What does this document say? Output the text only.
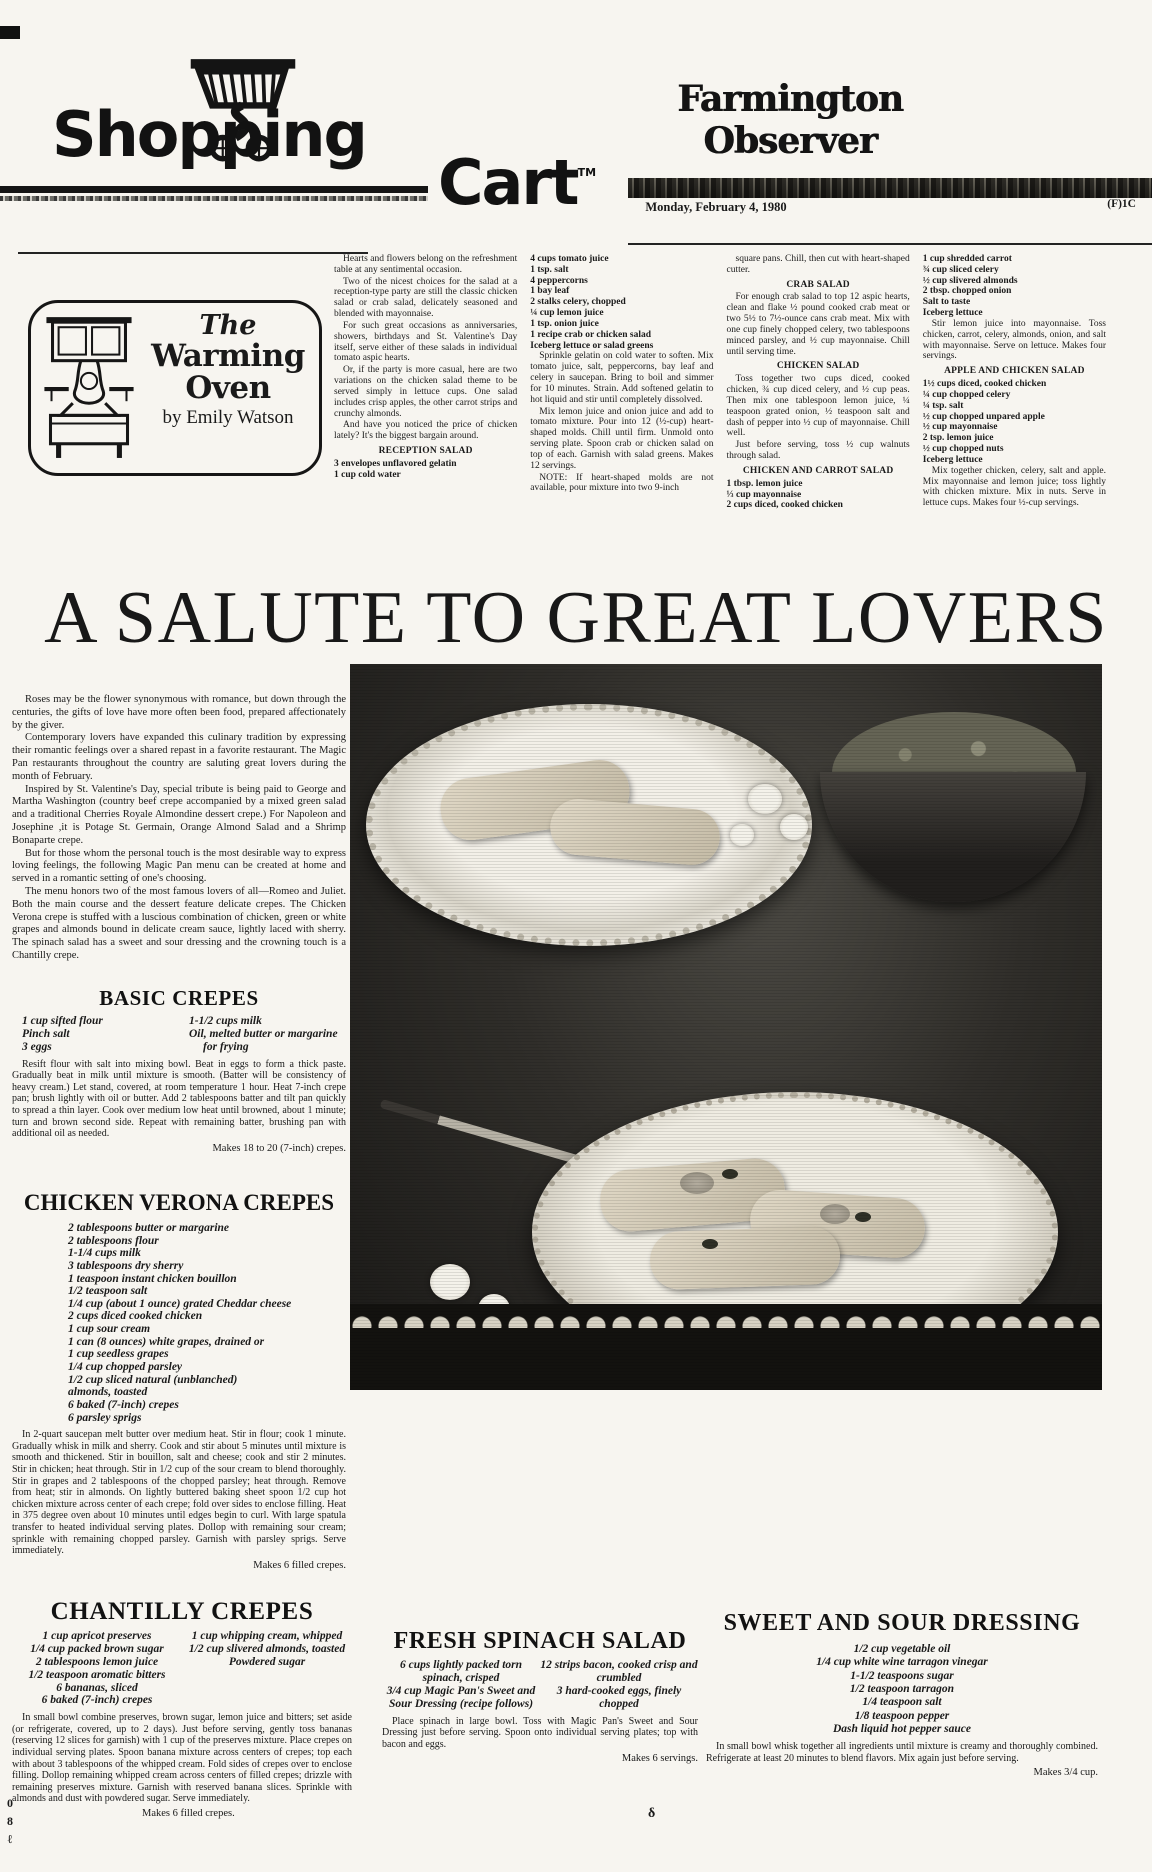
Shopping
Cart™
Farmington Observer
Monday, February 4, 1980	(F)1C
The
Warming
Oven
by Emily Watson
Hearts and flowers belong on the refreshment table at any sentimental occasion.
Two of the nicest choices for the salad at a reception-type party are still the classic chicken salad or crab salad, delicately seasoned and blended with mayonnaise.
For such great occasions as anniversaries, showers, birthdays and St. Valentine's Day itself, serve either of these salads in individual tomato aspic hearts.
Or, if the party is more casual, here are two variations on the chicken salad theme to be served simply in lettuce cups. One salad includes crisp apples, the other carrot strips and crunchy almonds.
And have you noticed the price of chicken lately? It's the biggest bargain around.
RECEPTION SALAD
3 envelopes unflavored gelatin
1 cup cold water
4 cups tomato juice
1 tsp. salt
4 peppercorns
1 bay leaf
2 stalks celery, chopped
¼ cup lemon juice
1 tsp. onion juice
1 recipe crab or chicken salad
Iceberg lettuce or salad greens
Sprinkle gelatin on cold water to soften. Mix tomato juice, salt, peppercorns, bay leaf and celery in saucepan. Bring to boil and simmer for 10 minutes. Strain. Add softened gelatin to hot liquid and stir until completely dissolved.
Mix lemon juice and onion juice and add to tomato mixture. Pour into 12 (½-cup) heart-shaped molds. Chill until firm. Unmold onto serving plate. Spoon crab or chicken salad on top of each. Garnish with salad greens. Makes 12 servings.
NOTE: If heart-shaped molds are not available, pour mixture into two 9-inch
square pans. Chill, then cut with heart-shaped cutter.
CRAB SALAD
For enough crab salad to top 12 aspic hearts, clean and flake ½ pound cooked crab meat or two 5½ to 7½-ounce cans crab meat. Mix with one cup finely chopped celery, two tablespoons minced parsley, and ½ cup mayonnaise. Chill until serving time.
CHICKEN SALAD
Toss together two cups diced, cooked chicken, ¾ cup diced celery, and ½ cup peas. Then mix one tablespoon lemon juice, ¼ teaspoon grated onion, ½ teaspoon salt and dash of pepper into ½ cup of mayonnaise. Chill well.
Just before serving, toss ½ cup walnuts through salad.
CHICKEN AND CARROT SALAD
1 tbsp. lemon juice
⅓ cup mayonnaise
2 cups diced, cooked chicken
1 cup shredded carrot
¾ cup sliced celery
½ cup slivered almonds
2 tbsp. chopped onion
Salt to taste
Iceberg lettuce
Stir lemon juice into mayonnaise. Toss chicken, carrot, celery, almonds, onion, and salt with mayonnaise. Serve on lettuce. Makes four servings.
APPLE AND CHICKEN SALAD
1½ cups diced, cooked chicken
¼ cup chopped celery
¼ tsp. salt
½ cup chopped unpared apple
½ cup mayonnaise
2 tsp. lemon juice
½ cup chopped nuts
Iceberg lettuce
Mix together chicken, celery, salt and apple. Mix mayonnaise and lemon juice; toss lightly with chicken mixture. Mix in nuts. Serve in lettuce cups. Makes four ½-cup servings.
A SALUTE TO GREAT LOVERS
Roses may be the flower synonymous with romance, but down through the centuries, the gifts of love have more often been food, prepared affectionately by the giver.
Contemporary lovers have expanded this culinary tradition by expressing their romantic feelings over a shared repast in a favorite restaurant. The Magic Pan restaurants throughout the country are saluting great lovers during the month of February.
Inspired by St. Valentine's Day, special tribute is being paid to George and Martha Washington (country beef crepe accompanied by a mixed green salad and a traditional Cherries Royale Almondine dessert crepe.) For Napoleon and Josephine ,it is Potage St. Germain, Orange Almond Salad and a Shrimp Bonaparte crepe.
But for those whom the personal touch is the most desirable way to express loving feelings, the following Magic Pan menu can be created at home and served in a romantic setting of one's choosing.
The menu honors two of the most famous lovers of all—Romeo and Juliet. Both the main course and the dessert feature delicate crepes. The Chicken Verona crepe is stuffed with a luscious combination of chicken, green or white grapes and almonds bound in delicate cream sauce, lightly laced with sherry. The spinach salad has a sweet and sour dressing and the crowning touch is a Chantilly crepe.
BASIC CREPES
1 cup sifted flour
Pinch salt
3 eggs
1-1/2 cups milk
Oil, melted butter or margarine for frying
Resift flour with salt into mixing bowl. Beat in eggs to form a thick paste. Gradually beat in milk until mixture is smooth. (Batter will be consistency of heavy cream.) Let stand, covered, at room temperature 1 hour. Heat 7-inch crepe pan; brush lightly with oil or butter. Add 2 tablespoons batter and tilt pan quickly to spread a thin layer. Cook over medium low heat until browned, about 1 minute; turn and brown second side. Repeat with remaining batter, brushing pan with additional oil as needed.
Makes 18 to 20 (7-inch) crepes.
CHICKEN VERONA CREPES
2 tablespoons butter or margarine
2 tablespoons flour
1-1/4 cups milk
3 tablespoons dry sherry
1 teaspoon instant chicken bouillon
1/2 teaspoon salt
1/4 cup (about 1 ounce) grated Cheddar cheese
2 cups diced cooked chicken
1 cup sour cream
1 can (8 ounces) white grapes, drained or
1 cup seedless grapes
1/4 cup chopped parsley
1/2 cup sliced natural (unblanched)
almonds, toasted
6 baked (7-inch) crepes
6 parsley sprigs
In 2-quart saucepan melt butter over medium heat. Stir in flour; cook 1 minute. Gradually whisk in milk and sherry. Cook and stir about 5 minutes until mixture is smooth and thickened. Stir in bouillon, salt and cheese; cook and stir 2 minutes. Stir in chicken; heat through. Stir in 1/2 cup of the sour cream to blend thoroughly. Stir in grapes and 2 tablespoons of the chopped parsley; heat through. Remove from heat; stir in almonds. On lightly buttered baking sheet spoon 1/2 cup hot chicken mixture across center of each crepe; fold over sides to enclose filling. Heat in 375 degree oven about 10 minutes until edges begin to curl. With large spatula transfer to heated individual serving plates. Dollop with remaining sour cream; sprinkle with remaining chopped parsley. Garnish with parsley sprigs. Serve immediately.
Makes 6 filled crepes.
CHANTILLY CREPES
1 cup apricot preserves
1/4 cup packed brown sugar
2 tablespoons lemon juice
1/2 teaspoon aromatic bitters
6 bananas, sliced
6 baked (7-inch) crepes
1 cup whipping cream, whipped
1/2 cup slivered almonds, toasted
Powdered sugar
In small bowl combine preserves, brown sugar, lemon juice and bitters; set aside (or refrigerate, covered, up to 2 days). Just before serving, gently toss bananas (reserving 12 slices for garnish) with 1 cup of the preserves mixture. Place crepes on individual serving plates. Spoon banana mixture across centers of crepes; top each with about 3 tablespoons of the whipped cream. Fold sides of crepes over to enclose filling. Dollop remaining whipped cream across centers of filled crepes; drizzle with remaining preserves mixture. Garnish with reserved banana slices. Sprinkle with almonds and dust with powdered sugar. Serve immediately.
Makes 6 filled crepes.
FRESH SPINACH SALAD
6 cups lightly packed torn spinach, crisped
3/4 cup Magic Pan's Sweet and Sour Dressing (recipe follows)
12 strips bacon, cooked crisp and crumbled
3 hard-cooked eggs, finely chopped
Place spinach in large bowl. Toss with Magic Pan's Sweet and Sour Dressing just before serving. Spoon onto individual serving plates; top with bacon and eggs.
Makes 6 servings.
SWEET AND SOUR DRESSING
1/2 cup vegetable oil
1/4 cup white wine tarragon vinegar
1-1/2 teaspoons sugar
1/2 teaspoon tarragon
1/4 teaspoon salt
1/8 teaspoon pepper
Dash liquid hot pepper sauce
In small bowl whisk together all ingredients until mixture is creamy and thoroughly combined. Refrigerate at least 20 minutes to blend flavors. Mix again just before serving.
Makes 3/4 cup.
08ℓ	δ
